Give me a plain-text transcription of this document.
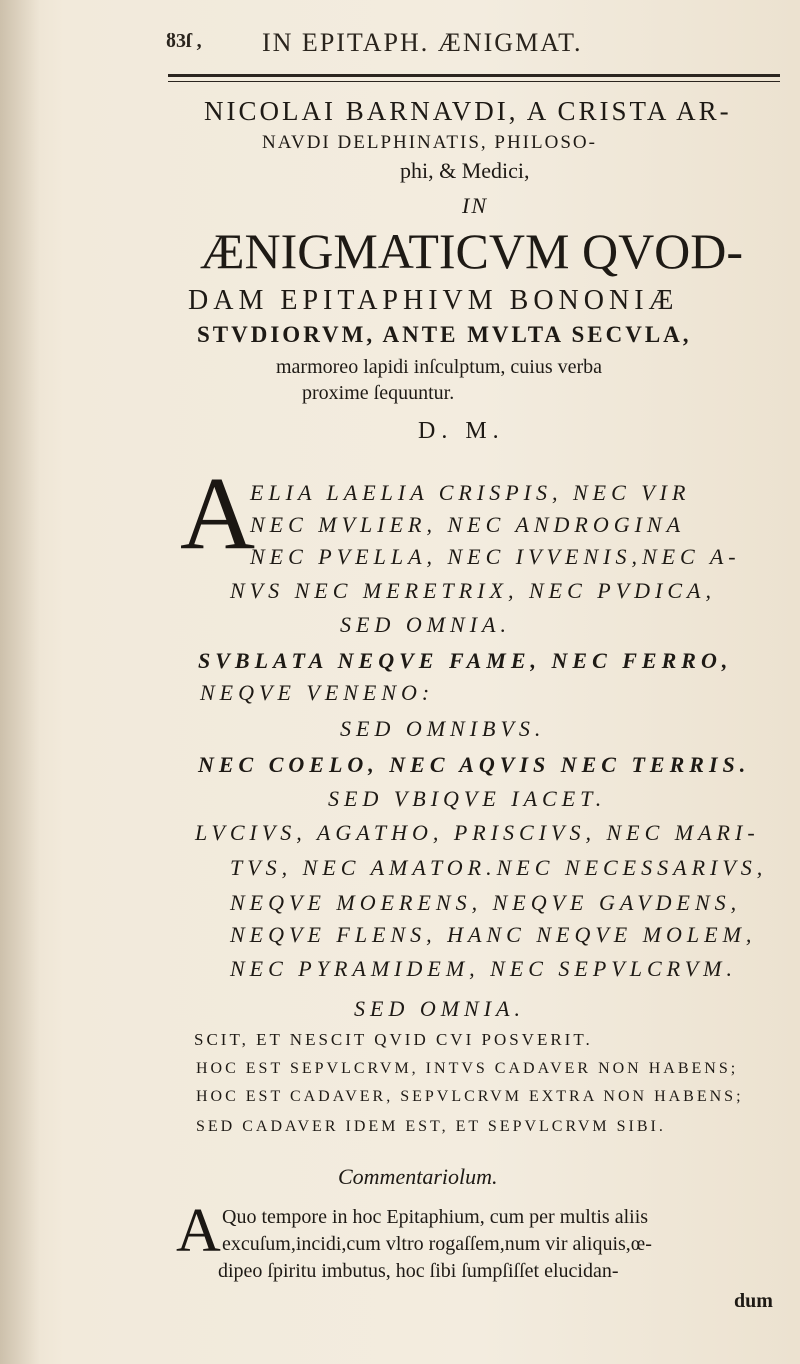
ȣ3ſ , IN EPITAPH. ÆNIGMAT.
NICOLAI BARNAVDI, A CRISTA AR-
NAVDI DELPHINATIS, PHILOSO-
phi, & Medici,
IN
ÆNIGMATICVM QVOD-
DAM EPITAPHIVM BONONIÆ
STVDIORVM, ANTE MVLTA SECVLA,
marmoreo lapidi inſculptum, cuius verba
proxime ſequuntur.
D. M.
A
ELIA LAELIA CRISPIS, NEC VIR
NEC MVLIER, NEC ANDROGINA
NEC PVELLA, NEC IVVENIS,NEC A-
NVS NEC MERETRIX, NEC PVDICA,
SED OMNIA.
SVBLATA NEQVE FAME, NEC FERRO,
NEQVE VENENO:
SED OMNIBVS.
NEC COELO, NEC AQVIS NEC TERRIS.
SED VBIQVE IACET.
LVCIVS, AGATHO, PRISCIVS, NEC MARI-
TVS, NEC AMATOR.NEC NECESSARIVS,
NEQVE MOERENS, NEQVE GAVDENS,
NEQVE FLENS, HANC NEQVE MOLEM,
NEC PYRAMIDEM, NEC SEPVLCRVM.
SED OMNIA.
SCIT, ET NESCIT QVID CVI POSVERIT.
HOC EST SEPVLCRVM, INTVS CADAVER NON HABENS;
HOC EST CADAVER, SEPVLCRVM EXTRA NON HABENS;
SED CADAVER IDEM EST, ET SEPVLCRVM SIBI.
Commentariolum.
A Quo tempore in hoc Epitaphium, cum per multis aliis
excuſum,incidi,cum vltro rogaſſem,num vir aliquis,œ-
dipeo ſpiritu imbutus, hoc ſibi ſumpſiſſet elucidan-
dum
